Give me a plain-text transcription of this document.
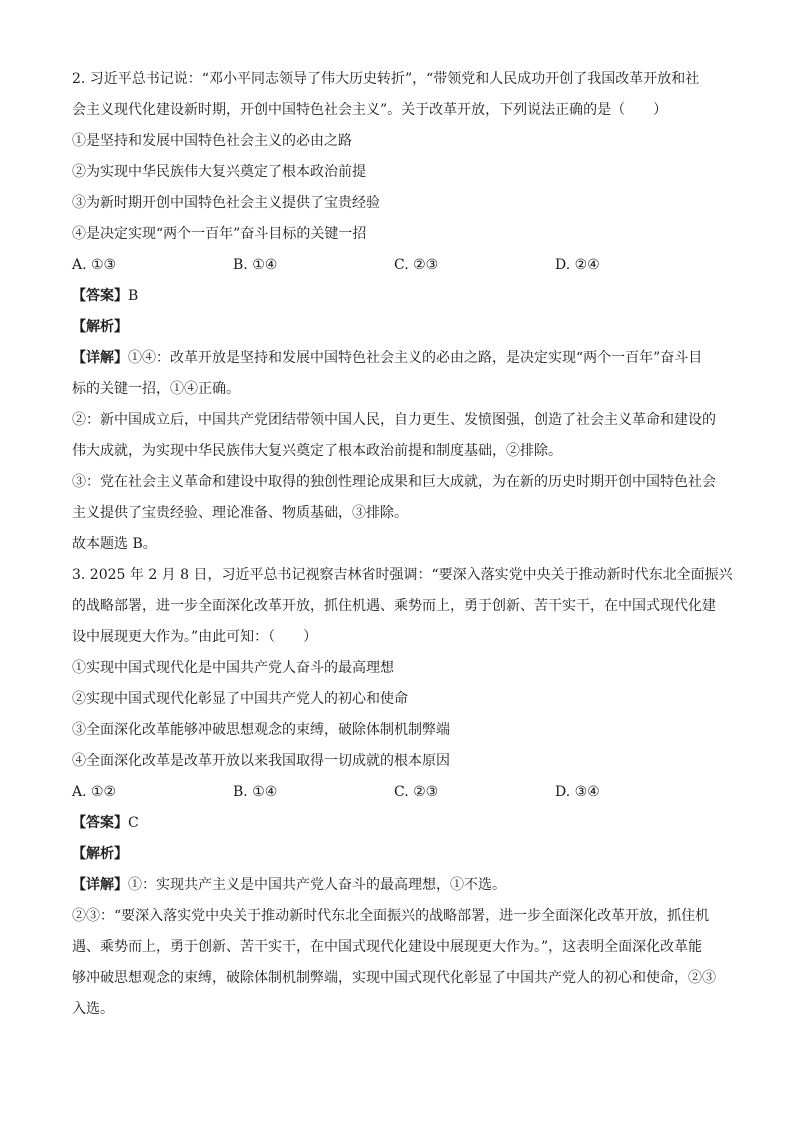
2. 习近平总书记说：“邓小平同志领导了伟大历史转折”，“带领党和人民成功开创了我国改革开放和社
会主义现代化建设新时期，开创中国特色社会主义”。关于改革开放，下列说法正确的是（　　）
①是坚持和发展中国特色社会主义的必由之路
②为实现中华民族伟大复兴奠定了根本政治前提
③为新时期开创中国特色社会主义提供了宝贵经验
④是决定实现“两个一百年”奋斗目标的关键一招
A. ①③	B. ①④	C. ②③	D. ②④
【答案】B
【解析】
【详解】①④：改革开放是坚持和发展中国特色社会主义的必由之路，是决定实现“两个一百年”奋斗目
标的关键一招，①④正确。
②：新中国成立后，中国共产党团结带领中国人民，自力更生、发愤图强，创造了社会主义革命和建设的
伟大成就，为实现中华民族伟大复兴奠定了根本政治前提和制度基础，②排除。
③：党在社会主义革命和建设中取得的独创性理论成果和巨大成就，为在新的历史时期开创中国特色社会
主义提供了宝贵经验、理论准备、物质基础，③排除。
故本题选 B。
3. 2025 年 2 月 8 日，习近平总书记视察吉林省时强调：“要深入落实党中央关于推动新时代东北全面振兴
的战略部署，进一步全面深化改革开放，抓住机遇、乘势而上，勇于创新、苦干实干，在中国式现代化建
设中展现更大作为。”由此可知：（　　）
①实现中国式现代化是中国共产党人奋斗的最高理想
②实现中国式现代化彰显了中国共产党人的初心和使命
③全面深化改革能够冲破思想观念的束缚，破除体制机制弊端
④全面深化改革是改革开放以来我国取得一切成就的根本原因
A. ①②	B. ①④	C. ②③	D. ③④
【答案】C
【解析】
【详解】①：实现共产主义是中国共产党人奋斗的最高理想，①不选。
②③：“要深入落实党中央关于推动新时代东北全面振兴的战略部署，进一步全面深化改革开放，抓住机
遇、乘势而上，勇于创新、苦干实干，在中国式现代化建设中展现更大作为。”，这表明全面深化改革能
够冲破思想观念的束缚，破除体制机制弊端，实现中国式现代化彰显了中国共产党人的初心和使命，②③
入选。
